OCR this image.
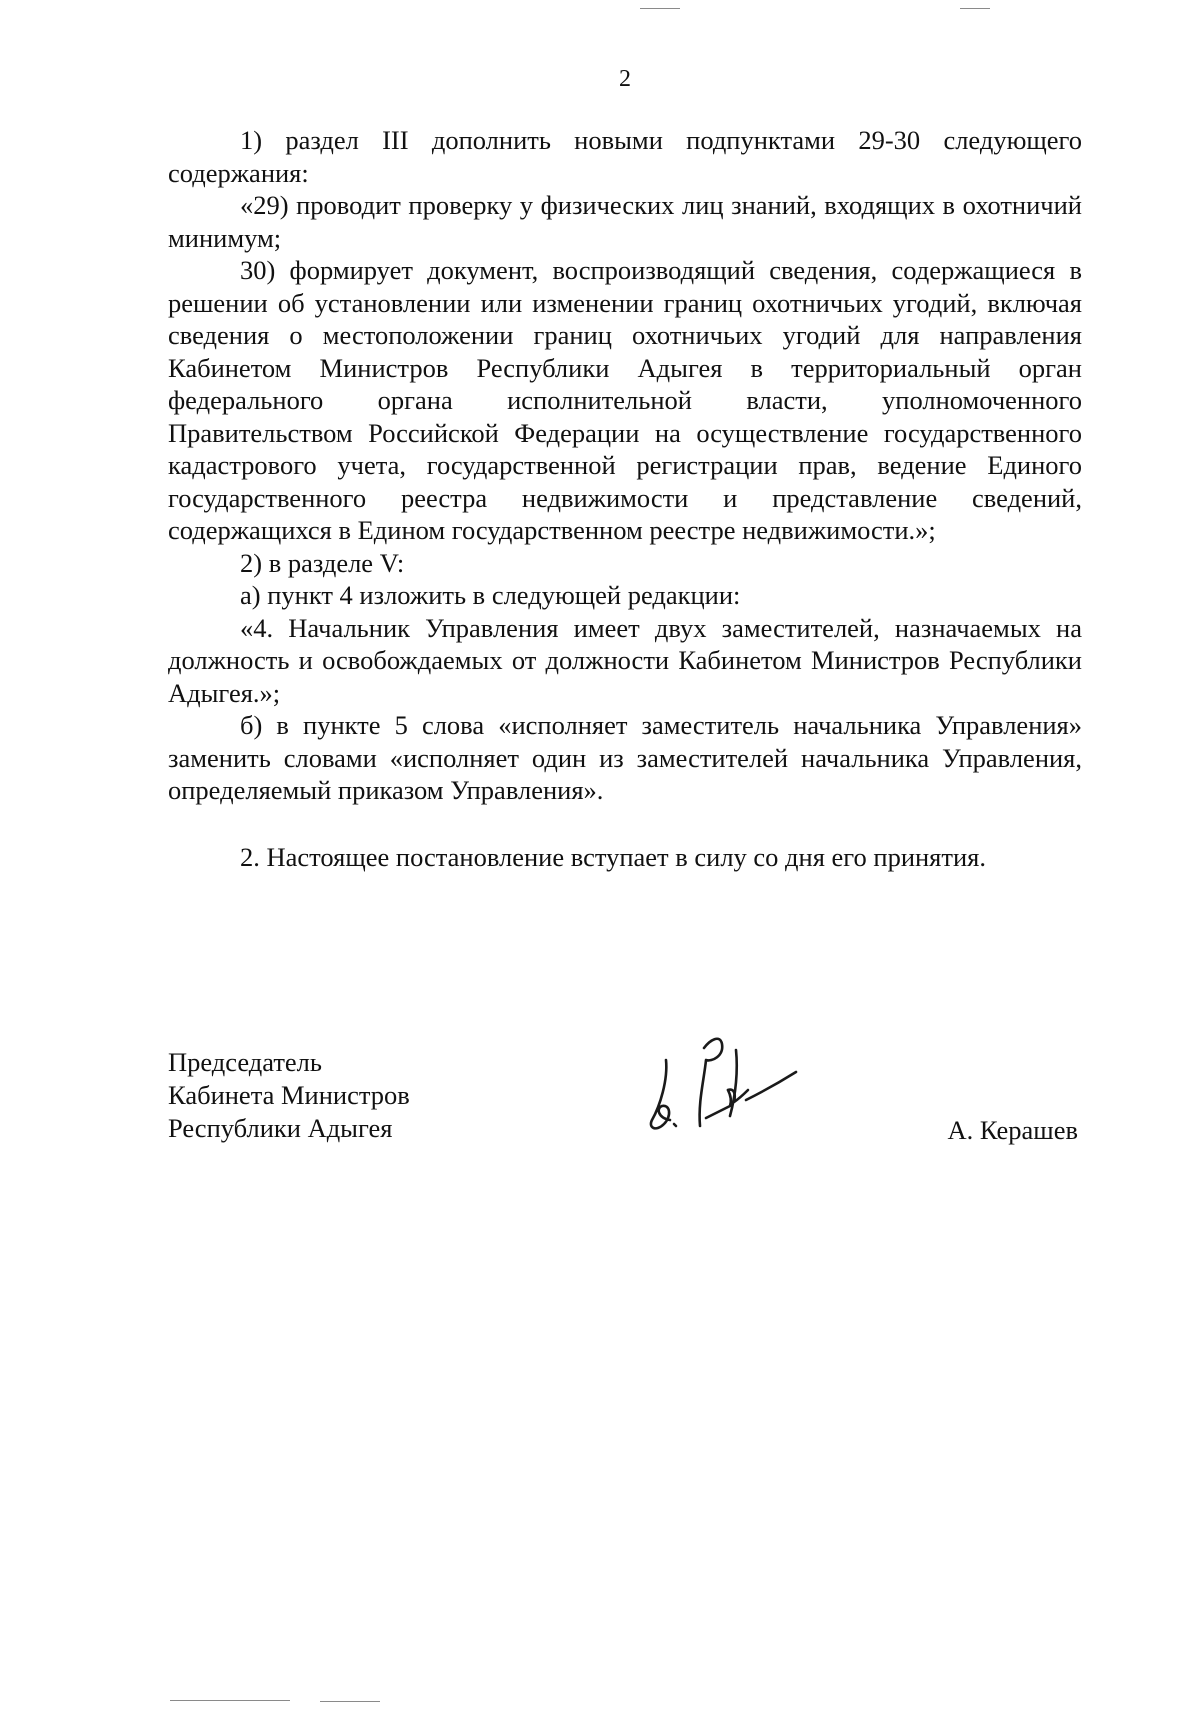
2

1) раздел III дополнить новыми подпунктами 29-30 следующего содержания:

«29) проводит проверку у физических лиц знаний, входящих в охотничий минимум;

30) формирует документ, воспроизводящий сведения, содержащиеся в решении об установлении или изменении границ охотничьих угодий, включая сведения о местоположении границ охотничьих угодий для направления Кабинетом Министров Республики Адыгея в территориальный орган федерального органа исполнительной власти, уполномоченного Правительством Российской Федерации на осуществление государственного кадастрового учета, государственной регистрации прав, ведение Единого государственного реестра недвижимости и представление сведений, содержащихся в Едином государственном реестре недвижимости.»;

2) в разделе V:

а) пункт 4 изложить в следующей редакции:

«4. Начальник Управления имеет двух заместителей, назначаемых на должность и освобождаемых от должности Кабинетом Министров Республики Адыгея.»;

б) в пункте 5 слова «исполняет заместитель начальника Управления» заменить словами «исполняет один из заместителей начальника Управления, определяемый приказом Управления».

2. Настоящее постановление вступает в силу со дня его принятия.

Председатель
Кабинета Министров
Республики Адыгея	А. Керашев
